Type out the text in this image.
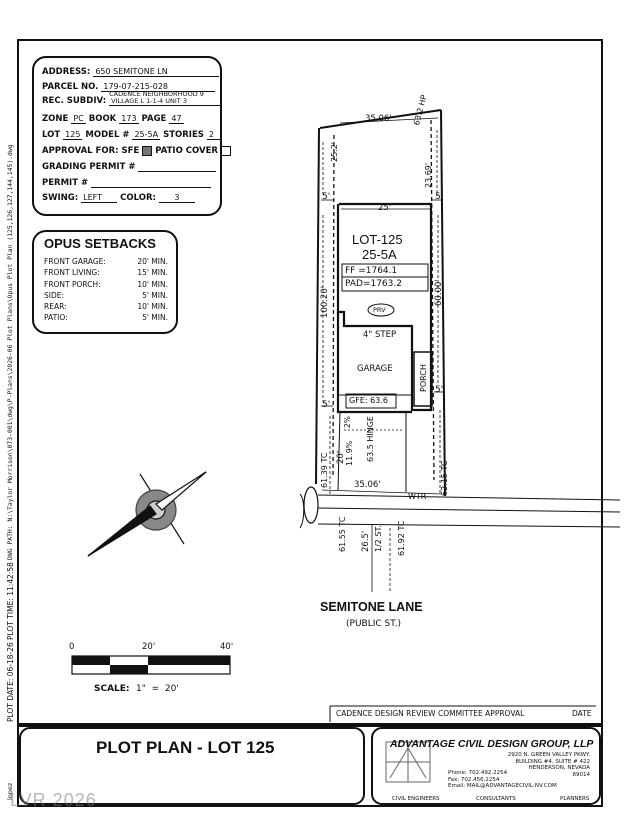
PLOT DATE: 06-18-26
PLOT TIME: 11:42:58
DWG PATH: N:\Taylor Morrison\073-001\dwg\P-Plans\2026-06 Plot Plans\Opus Plot Plan (125,126,127,144,145).dwg
lopez
ADDRESS: 650 SEMITONE LN
PARCEL NO. 179-07-215-028
REC. SUBDIV:
CADENCE NEIGHBORHOOD 9
VILLAGE L 1-1-4 UNIT 3
ZONE PC BOOK 173 PAGE 47
LOT 125 MODEL # 25-5A STORIES 2
APPROVAL FOR: SFE PATIO COVER
GRADING PERMIT #
PERMIT #
SWING: LEFT	COLOR:	3
OPUS SETBACKS
FRONT GARAGE:	20' MIN.
FRONT LIVING:	15' MIN.
FRONT PORCH:	10' MIN.
SIDE:	5' MIN.
REAR:	10' MIN.
PATIO:	5' MIN.
35.06'	63.2 HP
25'
5'	5'
5'
5'
25.2'
23.69'
100.20'	60.00'
LOT-125
25-5A
FF =1764.1
PAD=1763.2
PRV
4" STEP
GARAGE	PORCH
GFE: 63.6
20' 11.9% 63.5 HINGE
2%
61.39 TC	62.15 TC
35.06'
WTR
61.55 TC	61.92 TC
26.5' 1/2 ST.
SEMITONE LANE
(PUBLIC ST.)
0	20'	40'
SCALE: 1"  =  20'
CADENCE DESIGN REVIEW COMMITTEE APPROVAL	DATE
PLOT PLAN - LOT 125	ADVANTAGE CIVIL DESIGN GROUP, LLP
2920 N. GREEN VALLEY PKWY.
BUILDING #4, SUITE # 422
HENDERSON, NEVADA
89014
Phone: 702.492.2254
Fax: 702.456.2254
Email: MAIL@ADVANTAGECIVIL-NV.COM
CIVIL ENGINEERS	CONSULTANTS	PLANNERS
LVR 2026
